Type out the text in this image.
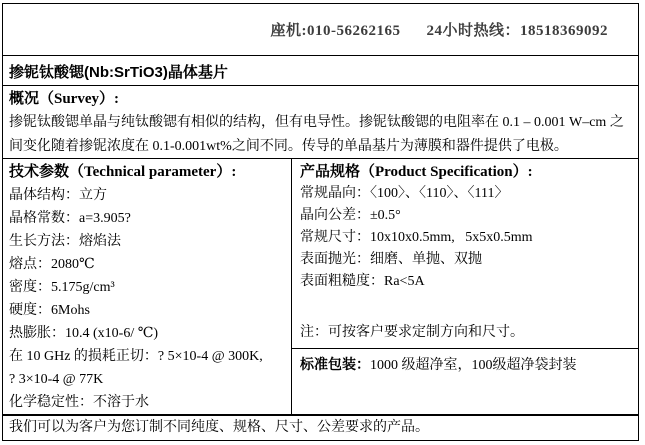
座机:010-56262165 24小时热线：18518369092
掺铌钛酸锶(Nb:SrTiO3)晶体基片
概况（Survey）:
掺铌钛酸锶单晶与纯钛酸锶有相似的结构，但有电导性。掺铌钛酸锶的电阻率在 0.1 – 0.001 W–cm 之间变化随着掺铌浓度在 0.1-0.001wt%之间不同。传导的单晶基片为薄膜和器件提供了电极。
技术参数（Technical parameter）:
晶体结构：立方
晶格常数：a=3.905?
生长方法：熔焰法
熔点：2080℃
密度：5.175g/cm³
硬度：6Mohs
热膨胀：10.4 (x10-6/ ℃)
在 10 GHz 的损耗正切：? 5×10-4 @ 300K,
? 3×10-4 @ 77K
化学稳定性：不溶于水
产品规格（Product Specification）:
常规晶向：〈100〉、〈110〉、〈111〉
晶向公差：±0.5°
常规尺寸：10x10x0.5mm,   5x5x0.5mm
表面抛光：细磨、单抛、双抛
表面粗糙度：Ra<5A
注：可按客户要求定制方向和尺寸。
标准包装：1000 级超净室，100级超净袋封装
我们可以为客户为您订制不同纯度、规格、尺寸、公差要求的产品。
